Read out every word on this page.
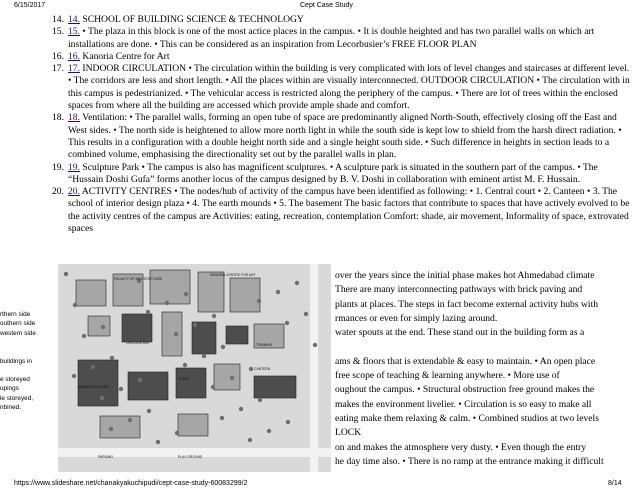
6/15/2017	Cept Case Study
14. 14. SCHOOL OF BUILDING SCIENCE & TECHNOLOGY
15. 15. • The plaza in this block is one of the most actice places in the campus. • It is double heighted and has two parallel walls on which art installations are done. • This can be considered as an inspiration from Lecorbusier’s FREE FLOOR PLAN
16. 16. Kanoria Centre for Art
17. 17. INDOOR CIRCULATION • The circulation within the building is very complicated with lots of level changes and staircases at different level. • The corridors are less and short length. • All the places within are visually interconnected. OUTDOOR CIRCULATION • The circulation with in this campus is pedestrianized. • The vehicular access is restricted along the periphery of the campus. • There are lot of trees within the enclosed spaces from where all the building are accessed which provide ample shade and comfort.
18. 18. Ventilation: • The parallel walls, forming an open tube of space are predominantly aligned North-South, effectively closing off the East and West sides. • The north side is heightened to allow more north light in while the south side is kept low to shield from the harsh direct radiation. • This results in a configuration with a double height north side and a single height south side. • Such difference in heights in section leads to a combined volume, emphasising the directionality set out by the parallel walls in plan.
19. 19. Sculpture Park • The campus is also has magnificent sculptures. • A sculpture park is situated in the southern part of the campus. • The “Hussain Doshi Gufa” forms another locus of the campus designed by B. V. Doshi in collaboration with eminent artist M. F. Hussain.
20. 20. ACTIVITY CENTRES • The nodes/hub of activity of the campus have been identified as following: • 1. Central court • 2. Canteen • 3. The school of interior design plaza • 4. The earth mounds • 5. The basement The basic factors that contribute to spaces that have actively evolved to be the activity centres of the campus are Activities: eating, recreation, contemplation Comfort: shade, air movement, Informality of space, extrovated spaces
rthern side
outhern side
western side
buildings in
e storeyed
upings
le storeyed,
nbined.
over the years since the initial phase makes hot Ahmedabad climate
There are many interconnecting pathways with brick paving and
plants at places. The steps in fact become external activity hubs with
rmances or even for simply lazing around.
water spouts at the end. These stand out in the building form as a
ams & floors that is extendable & easy to maintain. • An open place
free scope of teaching & learning anywhere. • More use of
oughout the campus. • Structural obstruction free ground makes the
makes the environment livelier. • Circulation is so easy to make all
eating make them relaxing & calm. • Combined studios at two levels
LOCK
on and makes the atmosphere very dusty. • Even though the entry
he day time also. • There is no ramp at the entrance making it difficult
FACULTY OF ARCHITECTURE
KANORIA CENTRE FOR ART
AMDAVAD NI GUFA
PLAZA
CANTEEN
PARKING	PLAY GROUND
TRAINING
CIRCULATION
https://www.slideshare.net/chanakyakuchipudi/cept-case-study-60083299/2	8/14
